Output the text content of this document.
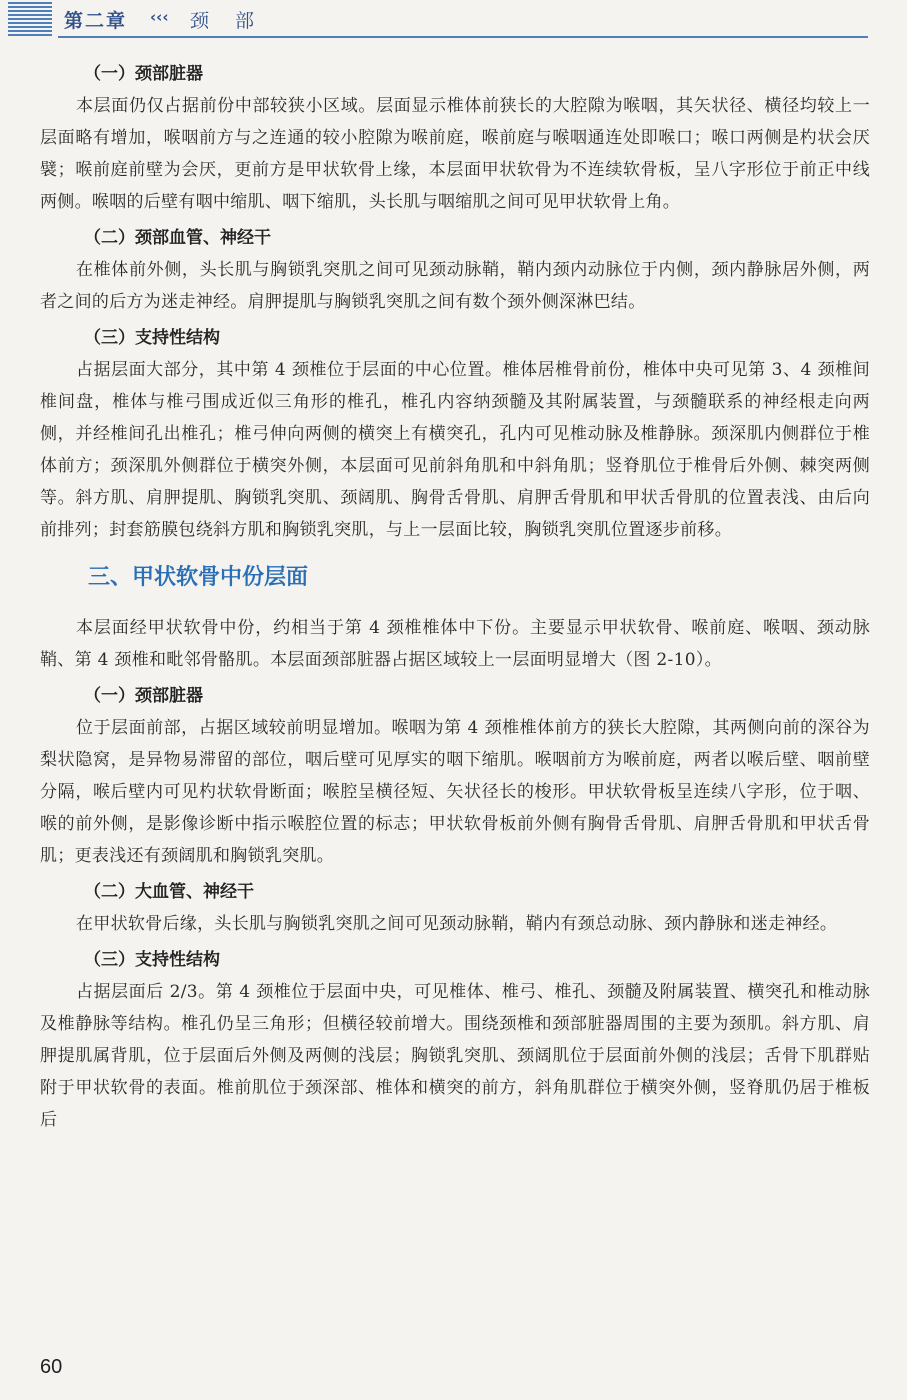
第二章 ‹‹‹ 颈部
（一）颈部脏器

本层面仍仅占据前份中部较狭小区域。层面显示椎体前狭长的大腔隙为喉咽，其矢状径、横径均较上一层面略有增加，喉咽前方与之连通的较小腔隙为喉前庭，喉前庭与喉咽通连处即喉口；喉口两侧是杓状会厌襞；喉前庭前壁为会厌，更前方是甲状软骨上缘，本层面甲状软骨为不连续软骨板，呈八字形位于前正中线两侧。喉咽的后壁有咽中缩肌、咽下缩肌，头长肌与咽缩肌之间可见甲状软骨上角。

（二）颈部血管、神经干

在椎体前外侧，头长肌与胸锁乳突肌之间可见颈动脉鞘，鞘内颈内动脉位于内侧，颈内静脉居外侧，两者之间的后方为迷走神经。肩胛提肌与胸锁乳突肌之间有数个颈外侧深淋巴结。

（三）支持性结构

占据层面大部分，其中第 4 颈椎位于层面的中心位置。椎体居椎骨前份，椎体中央可见第 3、4 颈椎间椎间盘，椎体与椎弓围成近似三角形的椎孔，椎孔内容纳颈髓及其附属装置，与颈髓联系的神经根走向两侧，并经椎间孔出椎孔；椎弓伸向两侧的横突上有横突孔，孔内可见椎动脉及椎静脉。颈深肌内侧群位于椎体前方；颈深肌外侧群位于横突外侧，本层面可见前斜角肌和中斜角肌；竖脊肌位于椎骨后外侧、棘突两侧等。斜方肌、肩胛提肌、胸锁乳突肌、颈阔肌、胸骨舌骨肌、肩胛舌骨肌和甲状舌骨肌的位置表浅、由后向前排列；封套筋膜包绕斜方肌和胸锁乳突肌，与上一层面比较，胸锁乳突肌位置逐步前移。

三、甲状软骨中份层面

本层面经甲状软骨中份，约相当于第 4 颈椎椎体中下份。主要显示甲状软骨、喉前庭、喉咽、颈动脉鞘、第 4 颈椎和毗邻骨骼肌。本层面颈部脏器占据区域较上一层面明显增大（图 2-10）。

（一）颈部脏器

位于层面前部，占据区域较前明显增加。喉咽为第 4 颈椎椎体前方的狭长大腔隙，其两侧向前的深谷为梨状隐窝，是异物易滞留的部位，咽后壁可见厚实的咽下缩肌。喉咽前方为喉前庭，两者以喉后壁、咽前壁分隔，喉后壁内可见杓状软骨断面；喉腔呈横径短、矢状径长的梭形。甲状软骨板呈连续八字形，位于咽、喉的前外侧，是影像诊断中指示喉腔位置的标志；甲状软骨板前外侧有胸骨舌骨肌、肩胛舌骨肌和甲状舌骨肌；更表浅还有颈阔肌和胸锁乳突肌。

（二）大血管、神经干

在甲状软骨后缘，头长肌与胸锁乳突肌之间可见颈动脉鞘，鞘内有颈总动脉、颈内静脉和迷走神经。

（三）支持性结构

占据层面后 2/3。第 4 颈椎位于层面中央，可见椎体、椎弓、椎孔、颈髓及附属装置、横突孔和椎动脉及椎静脉等结构。椎孔仍呈三角形；但横径较前增大。围绕颈椎和颈部脏器周围的主要为颈肌。斜方肌、肩胛提肌属背肌，位于层面后外侧及两侧的浅层；胸锁乳突肌、颈阔肌位于层面前外侧的浅层；舌骨下肌群贴附于甲状软骨的表面。椎前肌位于颈深部、椎体和横突的前方，斜角肌群位于横突外侧，竖脊肌仍居于椎板后

60
